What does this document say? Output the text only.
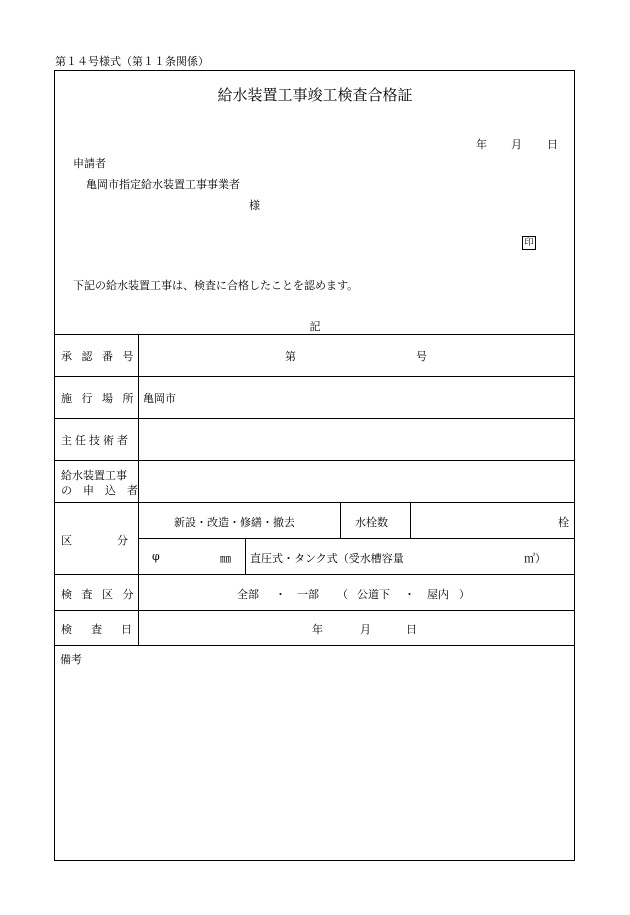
第１４号様式（第１１条関係）
給水装置工事竣工検査合格証
年 月 日
申請者
亀岡市指定給水装置工事事業者
様
印
下記の給水装置工事は、検査に合格したことを認めます。
記
承認番号	第	号
施行場所 亀岡市
主任技術者
給水装置工事
の申込者
区分
新設・改造・修繕・撤去	水栓数	栓
φ	㎜ 直圧式・タンク式（受水槽容量	㎥）
検査区分	全部 ・ 一部 （ 公道下 ・ 屋内 ）
検査日	年	月	日
備考
